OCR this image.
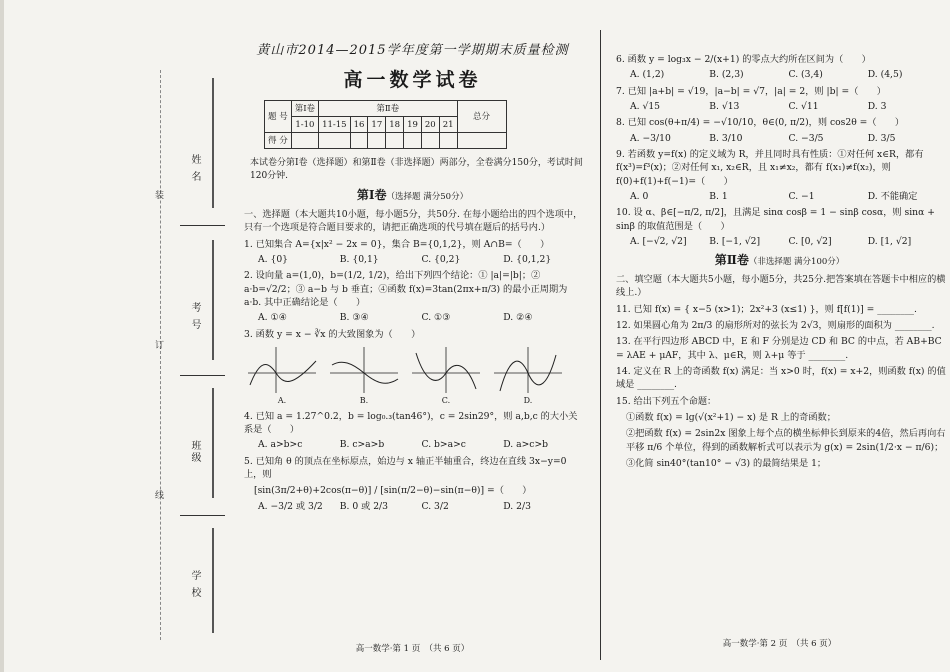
装
订
线
姓 名
考 号
班级
学 校
黄山市2014—2015学年度第一学期期末质量检测
高一数学试卷
题 号	第Ⅰ卷	第Ⅱ卷							总分
	1-10	11-15	16	17	18	19	20	21	
得 分									
本试卷分第Ⅰ卷（选择题）和第Ⅱ卷（非选择题）两部分，全卷满分150分，考试时间120分钟.
第Ⅰ卷（选择题 满分50分）
一、选择题（本大题共10小题，每小题5分，共50分. 在每小题给出的四个选项中，只有一个选项是符合题目要求的，请把正确选项的代号填在题后的括号内.）
1. 已知集合 A={x|x² − 2x = 0}，集合 B={0,1,2}，则 A∩B=（　　）
A. {0}	B. {0,1}	C. {0,2}	D. {0,1,2}
2. 设向量 a=(1,0)，b=(1/2, 1/2)，给出下列四个结论：① |a|=|b|；② a·b=√2/2；③ a−b 与 b 垂直；④函数 f(x)=3tan(2πx+π/3) 的最小正周期为 a·b. 其中正确结论是（　　）
A. ①④	B. ③④	C. ①③	D. ②④
3. 函数 y = x − ∛x 的大致图象为（　　）
A.	B.	C.	D.
4. 已知 a = 1.27^0.2，b = log₀.₃(tan46°)，c = 2sin29°，则 a,b,c 的大小关系是（　　）
A. a>b>c	B. c>a>b	C. b>a>c	D. a>c>b
5. 已知角 θ 的顶点在坐标原点，始边与 x 轴正半轴重合，终边在直线 3x−y=0 上，则
[sin(3π/2+θ)+2cos(π−θ)] / [sin(π/2−θ)−sin(π−θ)] =（　　）
A. −3/2 或 3/2	B. 0 或 2/3	C. 3/2	D. 2/3
高一数学·第 1 页　（共 6 页）
6. 函数 y = log₃x − 2/(x+1) 的零点大约所在区间为（　　）
A. (1,2)	B. (2,3)	C. (3,4)	D. (4,5)
7. 已知 |a+b| = √19，|a−b| = √7，|a| = 2，则 |b| =（　　）
A. √15	B. √13	C. √11	D. 3
8. 已知 cos(θ+π/4) = −√10/10，θ∈(0, π/2)，则 cos2θ =（　　）
A. −3/10	B. 3/10	C. −3/5	D. 3/5
9. 若函数 y=f(x) 的定义域为 R，并且同时具有性质：①对任何 x∈R，都有 f(x³)=f³(x)；②对任何 x₁, x₂∈R，且 x₁≠x₂，都有 f(x₁)≠f(x₂)，则 f(0)+f(1)+f(−1)=（　　）
A. 0	B. 1	C. −1	D. 不能确定
10. 设 α、β∈[−π/2, π/2]，且满足 sinα cosβ = 1 − sinβ cosα，则 sinα + sinβ 的取值范围是（　　）
A. [−√2, √2]	B. [−1, √2]	C. [0, √2]	D. [1, √2]
第Ⅱ卷（非选择题 满分100分）
二、填空题（本大题共5小题，每小题5分，共25分.把答案填在答题卡中相应的横线上.）
11. 已知 f(x) = { x−5 (x>1)；2x²+3 (x≤1) }，则 f[f(1)] = ________.
12. 如果圆心角为 2π/3 的扇形所对的弦长为 2√3，则扇形的面积为 ________.
13. 在平行四边形 ABCD 中，E 和 F 分别是边 CD 和 BC 的中点，若 AB+BC = λAE + μAF，其中 λ、μ∈R，则 λ+μ 等于 ________.
14. 定义在 R 上的奇函数 f(x) 满足：当 x>0 时，f(x) = x+2，则函数 f(x) 的值域是 ________.
15. 给出下列五个命题：
①函数 f(x) = lg(√(x²+1) − x) 是 R 上的奇函数；
②把函数 f(x) = 2sin2x 图象上每个点的横坐标伸长到原来的4倍，然后再向右平移 π/6 个单位，得到的函数解析式可以表示为 g(x) = 2sin(1/2·x − π/6)；
③化简 sin40°(tan10° − √3) 的最简结果是 1；
高一数学·第 2 页　（共 6 页）
